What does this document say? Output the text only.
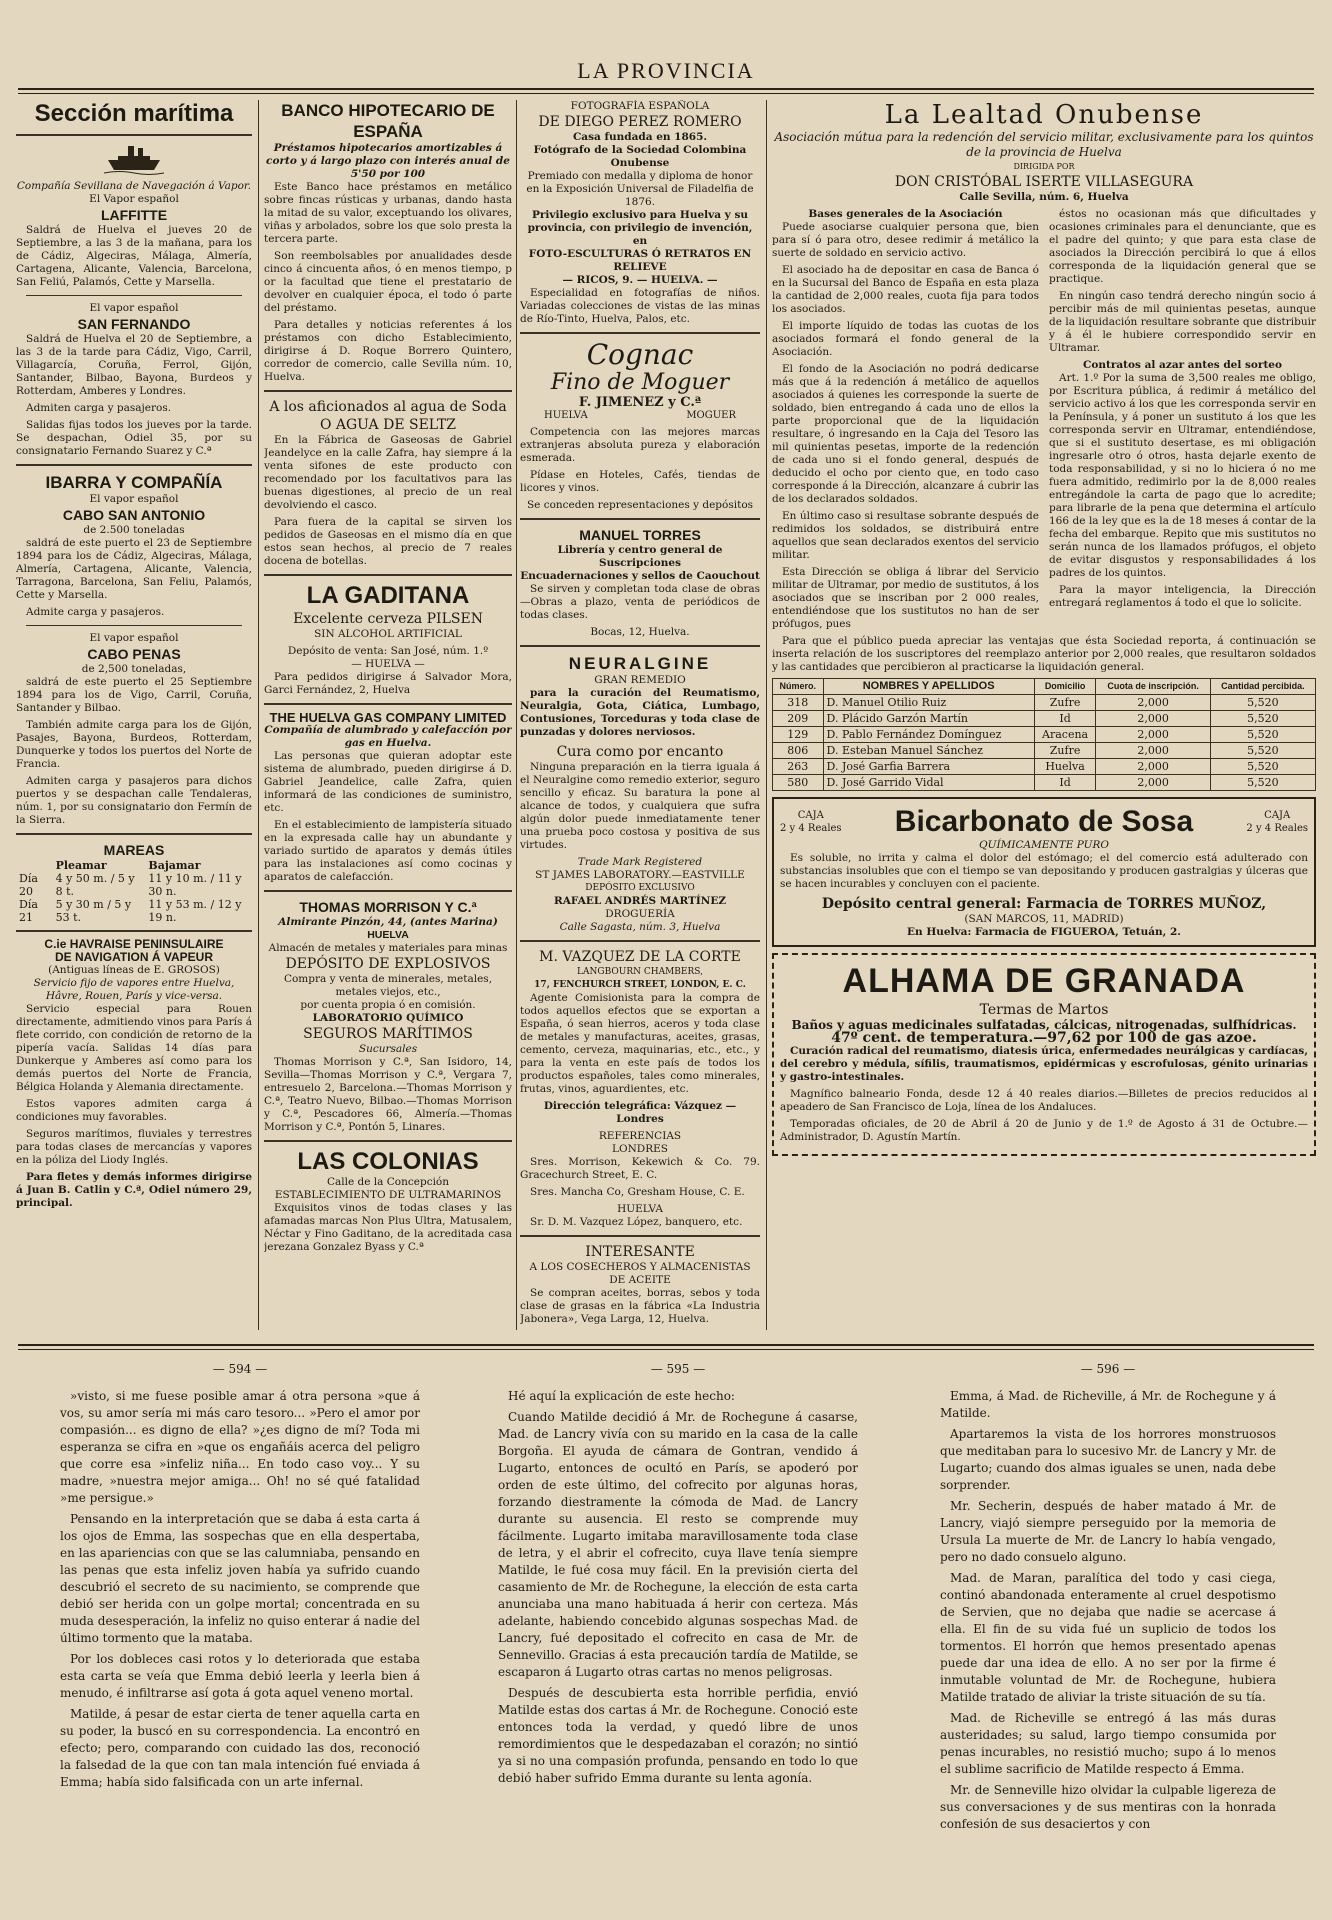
LA PROVINCIA
Sección marítima
Compañía Sevillana de Navegación á Vapor.
El Vapor español
LAFFITTE

Saldrá de Huelva el jueves 20 de Septiembre, a las 3 de la mañana, para los de Cádiz, Algeciras, Málaga, Almería, Cartagena, Alicante, Valencia, Barcelona, San Feliú, Palamós, Cette y Marsella.

El vapor español
SAN FERNANDO

Saldrá de Huelva el 20 de Septiembre, a las 3 de la tarde para Cádiz, Vigo, Carril, Villagarcía, Coruña, Ferrol, Gijón, Santander, Bilbao, Bayona, Burdeos y Rotterdam, Amberes y Londres.

Admiten carga y pasajeros.

Salidas fijas todos los jueves por la tarde. Se despachan, Odiel 35, por su consignatario Fernando Suarez y C.ª

IBARRA Y COMPAÑÍA
El vapor español
CABO SAN ANTONIO
de 2.500 toneladas

saldrá de este puerto el 23 de Septiembre 1894 para los de Cádiz, Algeciras, Málaga, Almería, Cartagena, Alicante, Valencia, Tarragona, Barcelona, San Feliu, Palamós, Cette y Marsella.

Admite carga y pasajeros.

El vapor español
CABO PENAS
de 2,500 toneladas,

saldrá de este puerto el 25 Septiembre 1894 para los de Vigo, Carril, Coruña, Santander y Bilbao.

También admite carga para los de Gijón, Pasajes, Bayona, Burdeos, Rotterdam, Dunquerke y todos los puertos del Norte de Francia.

Admiten carga y pasajeros para dichos puertos y se despachan calle Tendaleras, núm. 1, por su consignatario don Fermín de la Sierra.

MAREAS
	Pleamar	Bajamar
Día 20	4 y 50 m. / 5 y 8 t.	11 y 10 m. / 11 y 30 n.
Día 21	5 y 30 m / 5 y 53 t.	11 y 53 m. / 12 y 19 n.
C.ie HAVRAISE PENINSULAIRE
DE NAVIGATION Á VAPEUR
(Antiguas líneas de E. GROSOS)
Servicio fijo de vapores entre Huelva, Hâvre, Rouen, París y vice-versa.

Servicio especial para Rouen directamente, admitiendo vinos para París á flete corrido, con condición de retorno de la pipería vacía. Salidas 14 días para Dunkerque y Amberes así como para los demás puertos del Norte de Francia, Bélgica Holanda y Alemania directamente.

Estos vapores admiten carga á condiciones muy favorables.

Seguros marítimos, fluviales y terrestres para todas clases de mercancías y vapores en la póliza del Liody Inglés.

Para fletes y demás informes dirigirse á Juan B. Catlin y C.ª, Odiel número 29, principal.

BANCO HIPOTECARIO DE ESPAÑA
Préstamos hipotecarios amortizables á corto y á largo plazo con interés anual de 5'50 por 100

Este Banco hace préstamos en metálico sobre fincas rústicas y urbanas, dando hasta la mitad de su valor, exceptuando los olivares, viñas y arbolados, sobre los que solo presta la tercera parte.

Son reembolsables por anualidades desde cinco á cincuenta años, ó en menos tiempo, p or la facultad que tiene el prestatario de devolver en cualquier época, el todo ó parte del préstamo.

Para detalles y noticias referentes á los préstamos con dicho Establecimiento, dirigirse á D. Roque Borrero Quintero, corredor de comercio, calle Sevilla núm. 10, Huelva.

A los aficionados al agua de Soda
O AGUA DE SELTZ

En la Fábrica de Gaseosas de Gabriel Jeandelyce en la calle Zafra, hay siempre á la venta sifones de este producto con recomendado por los facultativos para las buenas digestiones, al precio de un real devolviendo el casco.

Para fuera de la capital se sirven los pedidos de Gaseosas en el mismo día en que estos sean hechos, al precio de 7 reales docena de botellas.

LA GADITANA
Excelente cerveza PILSEN
SIN ALCOHOL ARTIFICIAL
Depósito de venta: San José, núm. 1.º
— HUELVA —

Para pedidos dirigirse á Salvador Mora, Garci Fernández, 2, Huelva

THE HUELVA GAS COMPANY LIMITED
Compañía de alumbrado y calefacción por gas en Huelva.

Las personas que quieran adoptar este sistema de alumbrado, pueden dirigirse á D. Gabriel Jeandelice, calle Zafra, quien informará de las condiciones de suministro, etc.

En el establecimiento de lampistería situado en la expresada calle hay un abundante y variado surtido de aparatos y demás útiles para las instalaciones así como cocinas y aparatos de calefacción.

THOMAS MORRISON Y C.ª
Almirante Pinzón, 44, (antes Marina)
HUELVA
Almacén de metales y materiales para minas
DEPÓSITO DE EXPLOSIVOS
Compra y venta de minerales, metales, metales viejos, etc.,
por cuenta propia ó en comisión.
LABORATORIO QUÍMICO
SEGUROS MARÍTIMOS
Sucursales

Thomas Morrison y C.ª, San Isidoro, 14, Sevilla—Thomas Morrison y C.ª, Vergara 7, entresuelo 2, Barcelona.—Thomas Morrison y C.ª, Teatro Nuevo, Bilbao.—Thomas Morrison y C.ª, Pescadores 66, Almería.—Thomas Morrison y C.ª, Pontón 5, Linares.

LAS COLONIAS
Calle de la Concepción
ESTABLECIMIENTO DE ULTRAMARINOS

Exquisitos vinos de todas clases y las afamadas marcas Non Plus Ultra, Matusalem, Néctar y Fino Gaditano, de la acreditada casa jerezana Gonzalez Byass y C.ª

FOTOGRAFÍA ESPAÑOLA
DE DIEGO PEREZ ROMERO
Casa fundada en 1865.
Fotógrafo de la Sociedad Colombina Onubense
Premiado con medalla y diploma de honor en la Exposición Universal de Filadelfia de 1876.
Privilegio exclusivo para Huelva y su provincia, con privilegio de invención, en
FOTO-ESCULTURAS Ó RETRATOS EN RELIEVE
— RICOS, 9. — HUELVA. —

Especialidad en fotografías de niños. Variadas colecciones de vistas de las minas de Río-Tinto, Huelva, Palos, etc.

Cognac
Fino de Moguer
F. JIMENEZ y C.ª
HUELVA	MOGUER

Competencia con las mejores marcas extranjeras absoluta pureza y elaboración esmerada.

Pídase en Hoteles, Cafés, tiendas de licores y vinos.

Se conceden representaciones y depósitos
MANUEL TORRES
Librería y centro general de Suscripciones
Encuadernaciones y sellos de Caouchout

Se sirven y completan toda clase de obras —Obras a plazo, venta de periódicos de todas clases.

Bocas, 12, Huelva.
NEURALGINE
GRAN REMEDIO

para la curación del Reumatismo, Neuralgia, Gota, Ciática, Lumbago, Contusiones, Torceduras y toda clase de punzadas y dolores nerviosos.

Cura como por encanto

Ninguna preparación en la tierra iguala á el Neuralgine como remedio exterior, seguro sencillo y eficaz. Su baratura la pone al alcance de todos, y cualquiera que sufra algún dolor puede inmediatamente tener una prueba poco costosa y positiva de sus virtudes.

Trade Mark Registered
ST JAMES LABORATORY.—EASTVILLE
DEPÓSITO EXCLUSIVO
RAFAEL ANDRÉS MARTÍNEZ
DROGUERÍA
Calle Sagasta, núm. 3, Huelva
M. VAZQUEZ DE LA CORTE
LANGBOURN CHAMBERS,
17, FENCHURCH STREET, LONDON, E. C.

Agente Comisionista para la compra de todos aquellos efectos que se exportan a España, ó sean hierros, aceros y toda clase de metales y manufacturas, aceites, grasas, cemento, cerveza, maquinarias, etc., etc., y para la venta en este país de todos los productos españoles, tales como minerales, frutas, vinos, aguardientes, etc.

Dirección telegráfica: Vázquez — Londres
REFERENCIAS
LONDRES

Sres. Morrison, Kekewich & Co. 79. Gracechurch Street, E. C.

Sres. Mancha Co, Gresham House, C. E.

HUELVA

Sr. D. M. Vazquez López, banquero, etc.

INTERESANTE
A LOS COSECHEROS Y ALMACENISTAS DE ACEITE

Se compran aceites, borras, sebos y toda clase de grasas en la fábrica «La Industria Jabonera», Vega Larga, 12, Huelva.

La Lealtad Onubense
Asociación mútua para la redención del servicio militar, exclusivamente para los quintos de la provincia de Huelva
DIRIGIDA POR
DON CRISTÓBAL ISERTE VILLASEGURA
Calle Sevilla, núm. 6, Huelva
Bases generales de la Asociación

Puede asociarse cualquier persona que, bien para sí ó para otro, desee redimir á metálico la suerte de soldado en servicio activo.

El asociado ha de depositar en casa de Banca ó en la Sucursal del Banco de España en esta plaza la cantidad de 2,000 reales, cuota fija para todos los asociados.

El importe líquido de todas las cuotas de los asociados formará el fondo general de la Asociación.

El fondo de la Asociación no podrá dedicarse más que á la redención á metálico de aquellos asociados á quienes les corresponde la suerte de soldado, bien entregando á cada uno de ellos la parte proporcional que de la liquidación resultare, ó ingresando en la Caja del Tesoro las mil quinientas pesetas, importe de la redención de cada uno si el fondo general, después de deducido el ocho por ciento que, en todo caso corresponde á la Dirección, alcanzare á cubrir las de los declarados soldados.

En último caso si resultase sobrante después de redimidos los soldados, se distribuirá entre aquellos que sean declarados exentos del servicio militar.

Esta Dirección se obliga á librar del Servicio militar de Ultramar, por medio de sustitutos, á los asociados que se inscriban por 2 000 reales, entendiéndose que los sustitutos no han de ser prófugos, pues

éstos no ocasionan más que dificultades y ocasiones criminales para el denunciante, que es el padre del quinto; y que para esta clase de asociados la Dirección percibirá lo que á ellos corresponda de la liquidación general que se practique.

En ningún caso tendrá derecho ningún socio á percibir más de mil quinientas pesetas, aunque de la liquidación resultare sobrante que distribuir y á él le hubiere correspondido servir en Ultramar.

Contratos al azar antes del sorteo

Art. 1.º Por la suma de 3,500 reales me obligo, por Escritura pública, á redimir á metálico del servicio activo á los que les corresponda servir en la Península, y á poner un sustituto á los que les corresponda servir en Ultramar, entendiéndose, que si el sustituto desertase, es mi obligación ingresarle otro ó otros, hasta dejarle exento de toda responsabilidad, y si no lo hiciera ó no me fuera admitido, redimirlo por la de 8,000 reales entregándole la carta de pago que lo acredite; para librarle de la pena que determina el artículo 166 de la ley que es la de 18 meses á contar de la fecha del embarque. Repito que mis sustitutos no serán nunca de los llamados prófugos, el objeto de evitar disgustos y responsabilidades á los padres de los quintos.

Para la mayor inteligencia, la Dirección entregará reglamentos á todo el que lo solicite.

Para que el público pueda apreciar las ventajas que ésta Sociedad reporta, á continuación se inserta relación de los suscriptores del reemplazo anterior por 2,000 reales, que resultaron soldados y las cantidades que percibieron al practicarse la liquidación general.

Número.	NOMBRES Y APELLIDOS	Domicilio	Cuota de inscripción.	Cantidad percibida.
318	D. Manuel Otilio Ruiz	Zufre	2,000	5,520
209	D. Plácido Garzón Martín	Id	2,000	5,520
129	D. Pablo Fernández Domínguez	Aracena	2,000	5,520
806	D. Esteban Manuel Sánchez	Zufre	2,000	5,520
263	D. José Garfia Barrera	Huelva	2,000	5,520
580	D. José Garrido Vidal	Id	2,000	5,520
CAJA
2 y 4 Reales Bicarbonato de Sosa	CAJA
2 y 4 Reales
QUÍMICAMENTE PURO

Es soluble, no irrita y calma el dolor del estómago; el del comercio está adulterado con substancias insolubles que con el tiempo se van depositando y producen gastralgias y úlceras que se hacen incurables y concluyen con el paciente.

Depósito central general: Farmacia de TORRES MUÑOZ,
(SAN MARCOS, 11, MADRID)
En Huelva: Farmacia de FIGUEROA, Tetuán, 2.
ALHAMA DE GRANADA
Termas de Martos
Baños y aguas medicinales sulfatadas, cálcicas, nitrogenadas, sulfhídricas.
47º cent. de temperatura.—97,62 por 100 de gas azoe.

Curación radical del reumatismo, diatesis úrica, enfermedades neurálgicas y cardíacas, del cerebro y médula, sífilis, traumatismos, epidérmicas y escrofulosas, génito urinarias y gastro-intestinales.

Magnífico balneario Fonda, desde 12 á 40 reales diarios.—Billetes de precios reducidos al apeadero de San Francisco de Loja, línea de los Andaluces.

Temporadas oficiales, de 20 de Abril á 20 de Junio y de 1.º de Agosto á 31 de Octubre.—Administrador, D. Agustín Martín.

— 594 —	— 595 —	— 596 —

»visto, si me fuese posible amar á otra persona »que á vos, su amor sería mi más caro tesoro... »Pero el amor por compasión... es digno de ella? »¿es digno de mí? Toda mi esperanza se cifra en »que os engañáis acerca del peligro que corre esa »infeliz niña... En todo caso voy... Y su madre, »nuestra mejor amiga... Oh! no sé qué fatalidad »me persigue.»

Pensando en la interpretación que se daba á esta carta á los ojos de Emma, las sospechas que en ella despertaba, en las apariencias con que se las calumniaba, pensando en las penas que esta infeliz joven había ya sufrido cuando descubrió el secreto de su nacimiento, se comprende que debió ser herida con un golpe mortal; concentrada en su muda desesperación, la infeliz no quiso enterar á nadie del último tormento que la mataba.

Por los dobleces casi rotos y lo deteriorada que estaba esta carta se veía que Emma debió leerla y leerla bien á menudo, é infiltrarse así gota á gota aquel veneno mortal.

Matilde, á pesar de estar cierta de tener aquella carta en su poder, la buscó en su correspondencia. La encontró en efecto; pero, comparando con cuidado las dos, reconoció la falsedad de la que con tan mala intención fué enviada á Emma; había sido falsificada con un arte infernal.

Hé aquí la explicación de este hecho:

Cuando Matilde decidió á Mr. de Rochegune á casarse, Mad. de Lancry vivía con su marido en la casa de la calle Borgoña. El ayuda de cámara de Gontran, vendido á Lugarto, entonces de ocultó en París, se apoderó por orden de este último, del cofrecito por algunas horas, forzando diestramente la cómoda de Mad. de Lancry durante su ausencia. El resto se comprende muy fácilmente. Lugarto imitaba maravillosamente toda clase de letra, y el abrir el cofrecito, cuya llave tenía siempre Matilde, le fué cosa muy fácil. En la previsión cierta del casamiento de Mr. de Rochegune, la elección de esta carta anunciaba una mano habituada á herir con certeza. Más adelante, habiendo concebido algunas sospechas Mad. de Lancry, fué depositado el cofrecito en casa de Mr. de Sennevillo. Gracias á esta precaución tardía de Matilde, se escaparon á Lugarto otras cartas no menos peligrosas.

Después de descubierta esta horrible perfidia, envió Matilde estas dos cartas á Mr. de Rochegune. Conoció este entonces toda la verdad, y quedó libre de unos remordimientos que le despedazaban el corazón; no sintió ya si no una compasión profunda, pensando en todo lo que debió haber sufrido Emma durante su lenta agonía.

Emma, á Mad. de Richeville, á Mr. de Rochegune y á Matilde.

Apartaremos la vista de los horrores monstruosos que meditaban para lo sucesivo Mr. de Lancry y Mr. de Lugarto; cuando dos almas iguales se unen, nada debe sorprender.

Mr. Secherin, después de haber matado á Mr. de Lancry, viajó siempre perseguido por la memoria de Ursula La muerte de Mr. de Lancry lo había vengado, pero no dado consuelo alguno.

Mad. de Maran, paralítica del todo y casi ciega, continó abandonada enteramente al cruel despotismo de Servien, que no dejaba que nadie se acercase á ella. El fin de su vida fué un suplicio de todos los tormentos. El horrón que hemos presentado apenas puede dar una idea de ello. A no ser por la firme é inmutable voluntad de Mr. de Rochegune, hubiera Matilde tratado de aliviar la triste situación de su tía.

Mad. de Richeville se entregó á las más duras austeridades; su salud, largo tiempo consumida por penas incurables, no resistió mucho; supo á lo menos el sublime sacrificio de Matilde respecto á Emma.

Mr. de Senneville hizo olvidar la culpable ligereza de sus conversaciones y de sus mentiras con la honrada confesión de sus desaciertos y con
